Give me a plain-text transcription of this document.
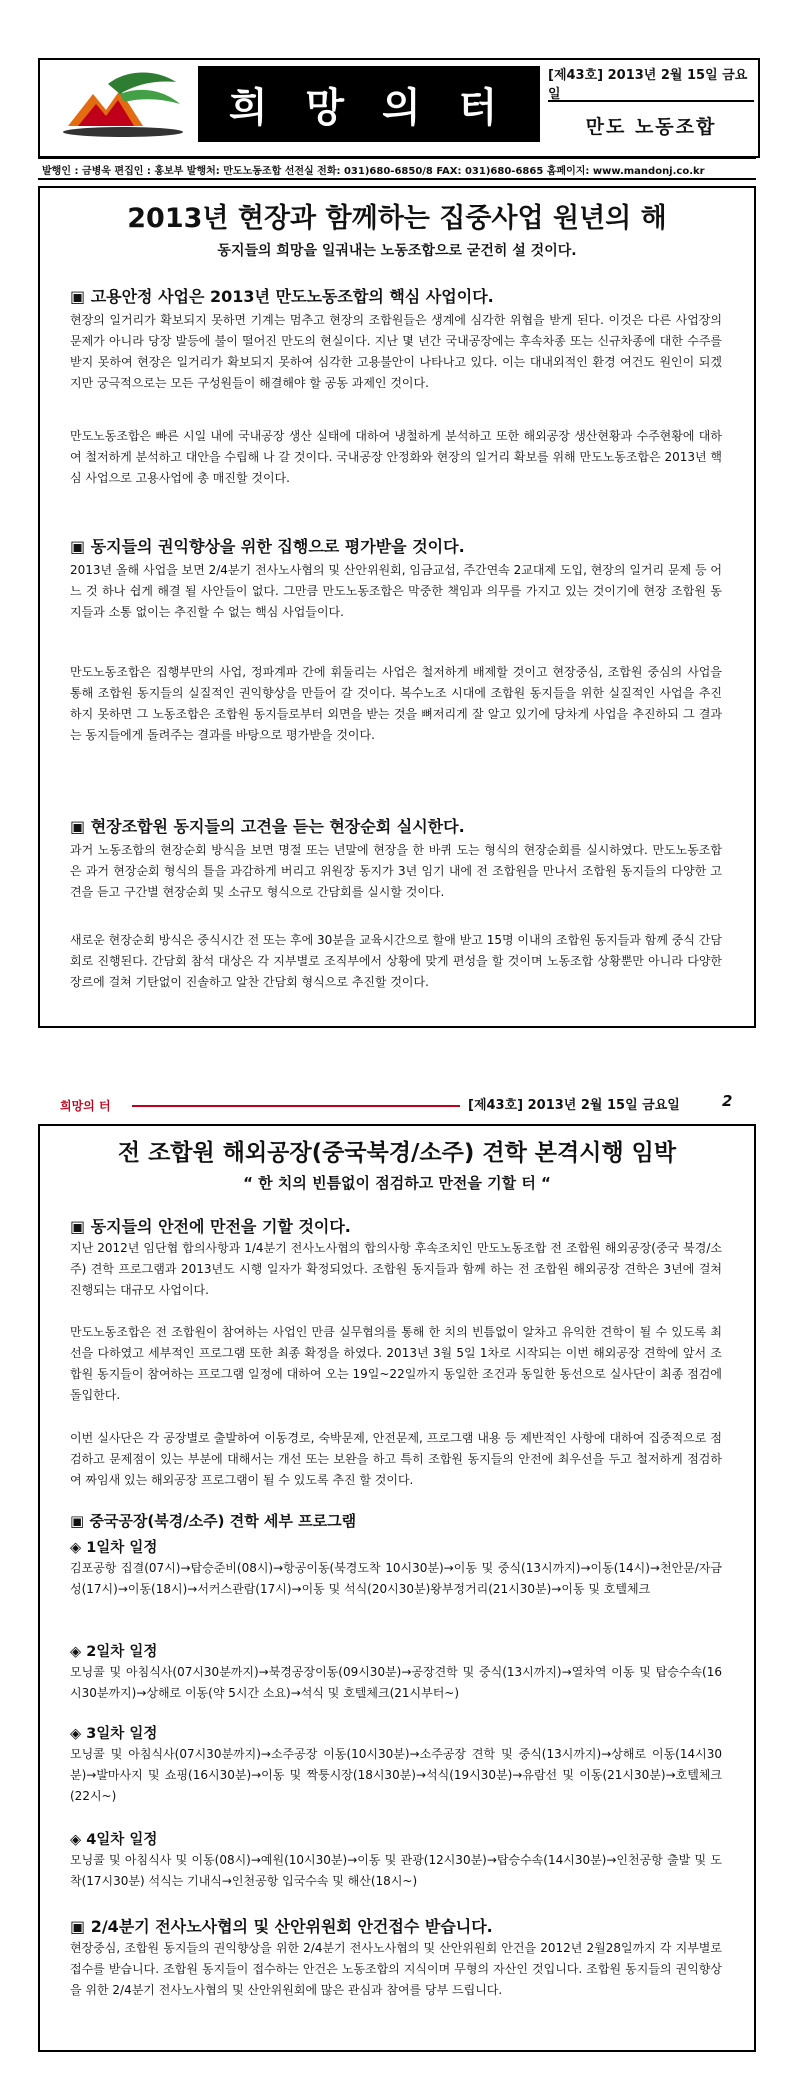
희 망 의 터
[제43호] 2013년 2월 15일 금요일
만도 노동조합
발행인 : 금병욱 편집인 : 홍보부 발행처: 만도노동조합 선전실 전화: 031)680-6850/8 FAX: 031)680-6865 홈페이지: www.mandonj.co.kr
2013년 현장과 함께하는 집중사업 원년의 해
동지들의 희망을 일궈내는 노동조합으로 굳건히 설 것이다.
▣ 고용안정 사업은 2013년 만도노동조합의 핵심 사업이다.

현장의 일거리가 확보되지 못하면 기계는 멈추고 현장의 조합원들은 생계에 심각한 위협을 받게 된다. 이것은 다른 사업장의 문제가 아니라 당장 발등에 불이 떨어진 만도의 현실이다. 지난 몇 년간 국내공장에는 후속차종 또는 신규차종에 대한 수주를 받지 못하여 현장은 일거리가 확보되지 못하여 심각한 고용불안이 나타나고 있다. 이는 대내외적인 환경 여건도 원인이 되겠지만 궁극적으로는 모든 구성원들이 해결해야 할 공동 과제인 것이다.

만도노동조합은 빠른 시일 내에 국내공장 생산 실태에 대하여 냉철하게 분석하고 또한 해외공장 생산현황과 수주현황에 대하여 철저하게 분석하고 대안을 수립해 나 갈 것이다. 국내공장 안정화와 현장의 일거리 확보를 위해 만도노동조합은 2013년 핵심 사업으로 고용사업에 총 매진할 것이다.

▣ 동지들의 권익향상을 위한 집행으로 평가받을 것이다.

2013년 올해 사업을 보면 2/4분기 전사노사협의 및 산안위원회, 임금교섭, 주간연속 2교대제 도입, 현장의 일거리 문제 등 어느 것 하나 쉽게 해결 될 사안들이 없다. 그만큼 만도노동조합은 막중한 책임과 의무를 가지고 있는 것이기에 현장 조합원 동지들과 소통 없이는 추진할 수 없는 핵심 사업들이다.

만도노동조합은 집행부만의 사업, 정파계파 간에 휘둘리는 사업은 철저하게 배제할 것이고 현장중심, 조합원 중심의 사업을 통해 조합원 동지들의 실질적인 권익향상을 만들어 갈 것이다. 복수노조 시대에 조합원 동지들을 위한 실질적인 사업을 추진하지 못하면 그 노동조합은 조합원 동지들로부터 외면을 받는 것을 뼈저리게 잘 알고 있기에 당차게 사업을 추진하되 그 결과는 동지들에게 돌려주는 결과를 바탕으로 평가받을 것이다.

▣ 현장조합원 동지들의 고견을 듣는 현장순회 실시한다.

과거 노동조합의 현장순회 방식을 보면 명절 또는 년말에 현장을 한 바퀴 도는 형식의 현장순회를 실시하였다. 만도노동조합은 과거 현장순회 형식의 틀을 과감하게 버리고 위원장 동지가 3년 임기 내에 전 조합원을 만나서 조합원 동지들의 다양한 고견을 듣고 구간별 현장순회 및 소규모 형식으로 간담회를 실시할 것이다.

새로운 현장순회 방식은 중식시간 전 또는 후에 30분을 교육시간으로 할애 받고 15명 이내의 조합원 동지들과 함께 중식 간담회로 진행된다. 간담회 참석 대상은 각 지부별로 조직부에서 상황에 맞게 편성을 할 것이며 노동조합 상황뿐만 아니라 다양한 장르에 걸쳐 기탄없이 진솔하고 알찬 간담회 형식으로 추진할 것이다.

희망의 터	[제43호] 2013년 2월 15일 금요일	2
전 조합원 해외공장(중국북경/소주) 견학 본격시행 임박
“ 한 치의 빈틈없이 점검하고 만전을 기할 터 “
▣ 동지들의 안전에 만전을 기할 것이다.

지난 2012년 임단협 합의사항과 1/4분기 전사노사협의 합의사항 후속조치인 만도노동조합 전 조합원 해외공장(중국 북경/소주) 견학 프로그램과 2013년도 시행 일자가 확정되었다. 조합원 동지들과 함께 하는 전 조합원 해외공장 견학은 3년에 걸쳐 진행되는 대규모 사업이다.

만도노동조합은 전 조합원이 참여하는 사업인 만큼 실무협의를 통해 한 치의 빈틈없이 알차고 유익한 견학이 될 수 있도록 최선을 다하였고 세부적인 프로그램 또한 최종 확정을 하였다. 2013년 3월 5일 1차로 시작되는 이번 해외공장 견학에 앞서 조합원 동지들이 참여하는 프로그램 일정에 대하여 오는 19일~22일까지 동일한 조건과 동일한 동선으로 실사단이 최종 점검에 돌입한다.

이번 실사단은 각 공장별로 출발하여 이동경로, 숙박문제, 안전문제, 프로그램 내용 등 제반적인 사항에 대하여 집중적으로 점검하고 문제점이 있는 부분에 대해서는 개선 또는 보완을 하고 특히 조합원 동지들의 안전에 최우선을 두고 철저하게 점검하여 짜임새 있는 해외공장 프로그램이 될 수 있도록 추진 할 것이다.

▣ 중국공장(북경/소주) 견학 세부 프로그램
◈ 1일차 일정

김포공항 집결(07시)→탑승준비(08시)→항공이동(북경도착 10시30분)→이동 및 중식(13시까지)→이동(14시)→천안문/자금성(17시)→이동(18시)→서커스관람(17시)→이동 및 석식(20시30분)왕부정거리(21시30분)→이동 및 호텔체크

◈ 2일차 일정

모닝콜 및 아침식사(07시30분까지)→북경공장이동(09시30분)→공장견학 및 중식(13시까지)→열차역 이동 및 탑승수속(16시30분까지)→상해로 이동(약 5시간 소요)→석식 및 호텔체크(21시부터~)

◈ 3일차 일정

모닝콜 및 아침식사(07시30분까지)→소주공장 이동(10시30분)→소주공장 견학 및 중식(13시까지)→상해로 이동(14시30분)→발마사지 및 쇼핑(16시30분)→이동 및 짝퉁시장(18시30분)→석식(19시30분)→유람선 및 이동(21시30분)→호텔체크(22시~)

◈ 4일차 일정

모닝콜 및 아침식사 및 이동(08시)→예원(10시30분)→이동 및 관광(12시30분)→탑승수속(14시30분)→인천공항 출발 및 도착(17시30분) 석식는 기내식→인천공항 입국수속 및 해산(18시~)

▣ 2/4분기 전사노사협의 및 산안위원회 안건접수 받습니다.

현장중심, 조합원 동지들의 권익향상을 위한 2/4분기 전사노사협의 및 산안위원회 안건을 2012년 2월28일까지 각 지부별로 접수를 받습니다. 조합원 동지들이 접수하는 안건은 노동조합의 지식이며 무형의 자산인 것입니다. 조합원 동지들의 권익향상을 위한 2/4분기 전사노사협의 및 산안위원회에 많은 관심과 참여를 당부 드립니다.
